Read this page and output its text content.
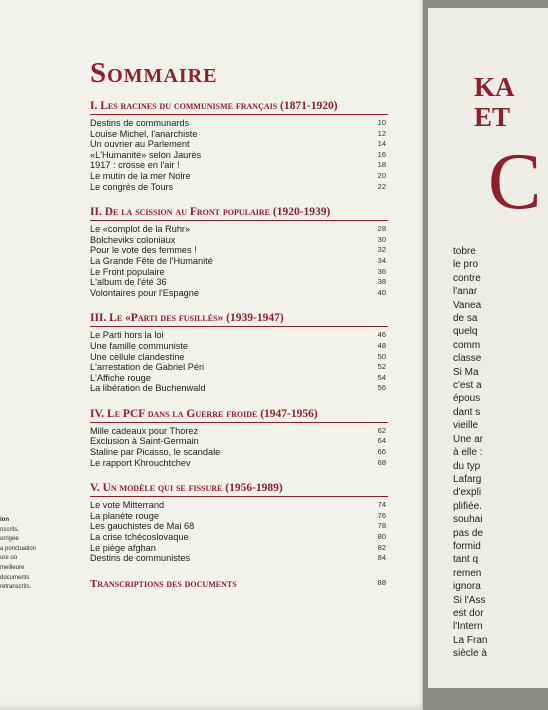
Sommaire
I. Les racines du communisme français (1871-1920)
Destins de communards	10
Louise Michel, l'anarchiste	12
Un ouvrier au Parlement	14
«L'Humanité» selon Jaurès	16
1917 : crosse en l'air !	18
Le mutin de la mer Noire	20
Le congrès de Tours	22
II. De la scission au Front populaire (1920-1939)
Le «complot de la Ruhr»	28
Bolcheviks coloniaux	30
Pour le vote des femmes !	32
La Grande Fête de l'Humanité	34
Le Front populaire	36
L'album de l'été 36	38
Volontaires pour l'Espagne	40
III. Le «Parti des fusillés» (1939-1947)
Le Parti hors la loi	46
Une famille communiste	48
Une cellule clandestine	50
L'arrestation de Gabriel Péri	52
L'Affiche rouge	54
La libération de Buchenwald	56
IV. Le PCF dans la Guerre froide (1947-1956)
Mille cadeaux pour Thorez	62
Exclusion à Saint-Germain	64
Staline par Picasso, le scandale	66
Le rapport Khrouchtchev	68
V. Un modèle qui se fissure (1956-1989)
Le vote Mitterrand	74
La planète rouge	76
Les gauchistes de Mai 68	78
La crise tchécoslovaque	80
Le piège afghan	82
Destins de communistes	84
Transcriptions des documents	88
ion
nscrits,
orrigée
a ponctuation
ure où
meilleure
documents
retranscrits.
KA
ET
C
tobre
le pro
contre
l'anar
Vanea
de sa
quelq
comm
classe
Si Ma
c'est a
épous
dant s
vieille
Une ar
à elle :
du typ
Lafarg
d'expli
plifiée.
souhai
pas de
formid
tant q
remen
ignora
Si l'Ass
est dor
l'Intern
La Fran
siècle à
